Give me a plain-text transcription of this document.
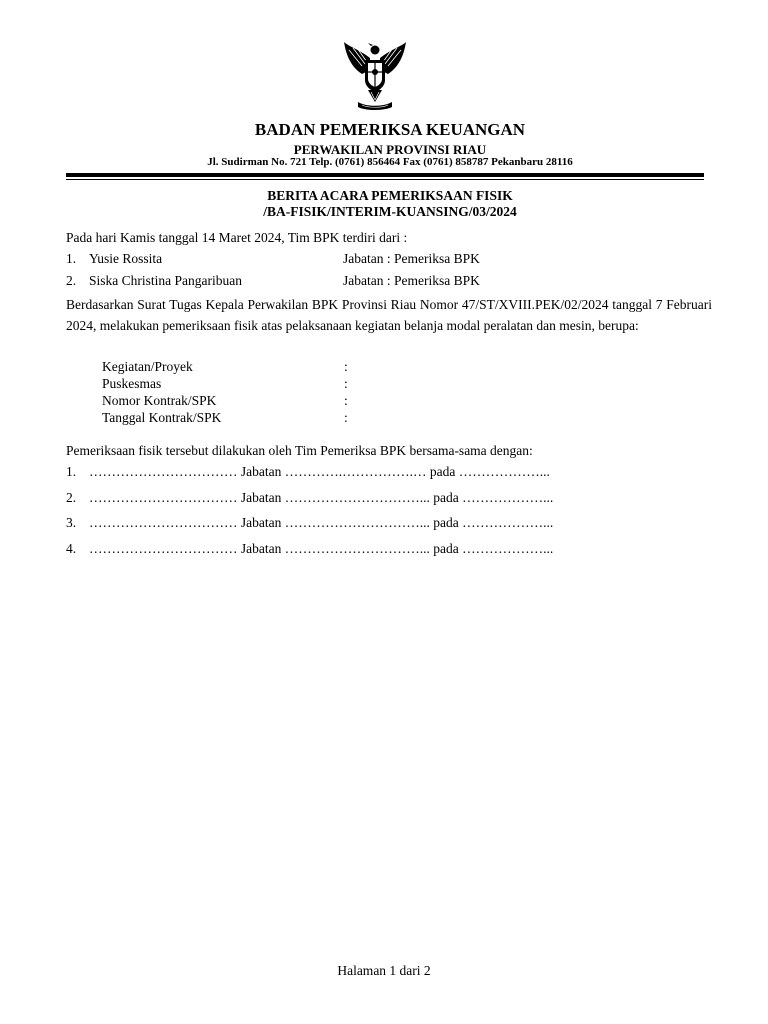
BADAN PEMERIKSA KEUANGAN
PERWAKILAN PROVINSI RIAU
Jl. Sudirman No. 721 Telp. (0761) 856464 Fax (0761) 858787 Pekanbaru 28116
BERITA ACARA PEMERIKSAAN FISIK
/BA-FISIK/INTERIM-KUANSING/03/2024
Pada hari Kamis tanggal 14 Maret 2024, Tim BPK terdiri dari :
1. Yusie Rossita	Jabatan : Pemeriksa BPK
2. Siska Christina Pangaribuan	Jabatan : Pemeriksa BPK
Berdasarkan Surat Tugas Kepala Perwakilan BPK Provinsi Riau Nomor 47/ST/XVIII.PEK/02/2024 tanggal 7 Februari 2024, melakukan pemeriksaan fisik atas pelaksanaan kegiatan belanja modal peralatan dan mesin, berupa:
Kegiatan/Proyek	:
Puskesmas	:
Nomor Kontrak/SPK	:
Tanggal Kontrak/SPK	:
Pemeriksaan fisik tersebut dilakukan oleh Tim Pemeriksa BPK bersama-sama dengan:
1. …………………………… Jabatan ………….…………….… pada ………………...
2. …………………………… Jabatan …………………………... pada ………………...
3. …………………………… Jabatan …………………………... pada ………………...
4. …………………………… Jabatan …………………………... pada ………………...
Halaman 1 dari 2
